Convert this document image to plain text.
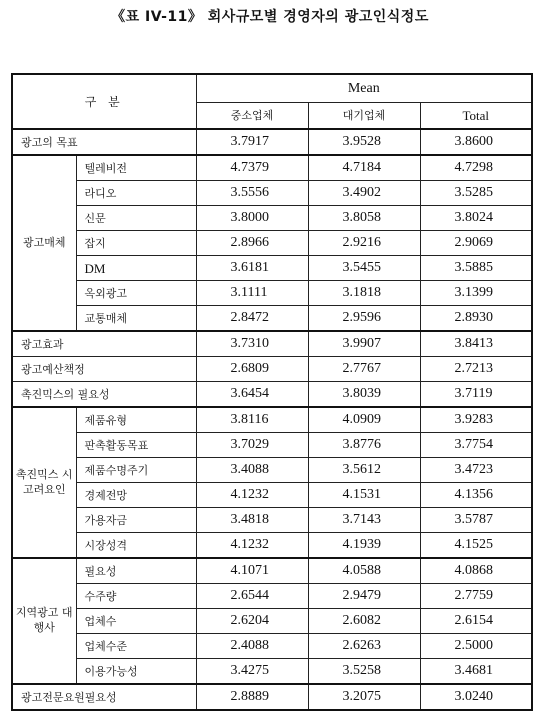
《표 IV-11》 회사규모별 경영자의 광고인식정도
구 분		Mean		
		중소업체	대기업체	Total
광고의 목표		3.7917	3.9528	3.8600
광고매체	텔레비전	4.7379	4.7184	4.7298
	라디오	3.5556	3.4902	3.5285
	신문	3.8000	3.8058	3.8024
	잡지	2.8966	2.9216	2.9069
	DM	3.6181	3.5455	3.5885
	옥외광고	3.1111	3.1818	3.1399
	교통매체	2.8472	2.9596	2.8930
광고효과		3.7310	3.9907	3.8413
광고예산책정		2.6809	2.7767	2.7213
촉진믹스의 필요성		3.6454	3.8039	3.7119
촉진믹스 시 고려요인	제품유형	3.8116	4.0909	3.9283
	판촉활동목표	3.7029	3.8776	3.7754
	제품수명주기	3.4088	3.5612	3.4723
	경제전망	4.1232	4.1531	4.1356
	가용자금	3.4818	3.7143	3.5787
	시장성격	4.1232	4.1939	4.1525
지역광고 대행사	필요성	4.1071	4.0588	4.0868
	수주량	2.6544	2.9479	2.7759
	업체수	2.6204	2.6082	2.6154
	업체수준	2.4088	2.6263	2.5000
	이용가능성	3.4275	3.5258	3.4681
광고전문요원필요성		2.8889	3.2075	3.0240
